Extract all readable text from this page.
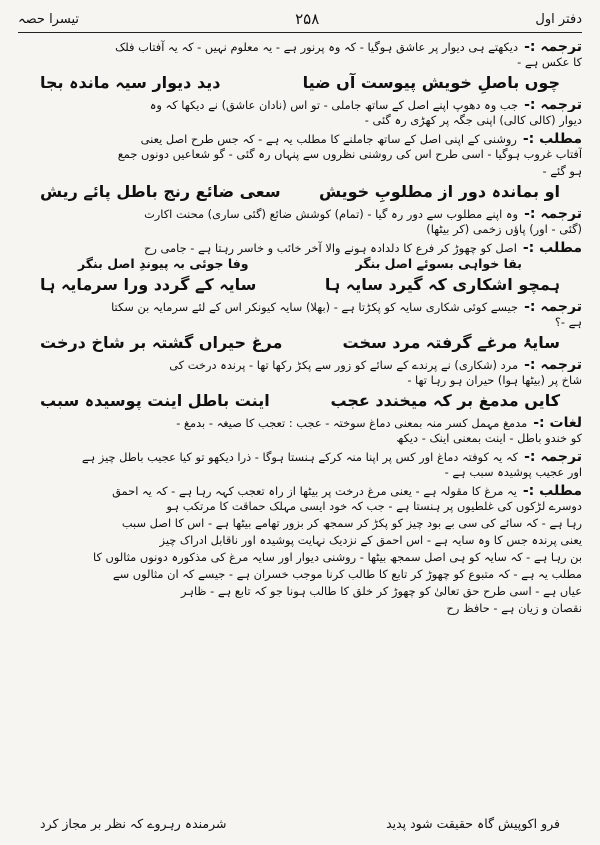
دفتر اول
۲۵۸
تیسرا حصہ
ترجمہ :-دیکھتے ہی دیوار پر عاشق ہوگیا - کہ وہ پرنور ہے - یہ معلوم نہیں - کہ یہ آفتاب فلک
کا عکس ہے -
چوں باصلِ خویش پیوست آں ضیا
دید دیوار سیہ ماندہ بجا
ترجمہ :-جب وہ دھوپ اپنے اصل کے ساتھ جاملی - تو اس (نادان عاشق) نے دیکھا کہ وہ
دیوار (کالی کالی) اپنی جگہ پر کھڑی رہ گئی -
مطلب :-روشنی کے اپنی اصل کے ساتھ جاملنے کا مطلب یہ ہے - کہ جس طرح اصل یعنی
آفتاب غروب ہوگیا - اسی طرح اس کی روشنی نظروں سے پنہاں رہ گئی - گو شعاعیں دونوں جمع
ہو گئے -
او بماندہ دور از مطلوبِ خویش
سعی ضائع رنج باطل پائے ریش
ترجمہ :-وہ اپنے مطلوب سے دور رہ گیا - (تمام) کوشش ضائع (گئی ساری) محنت اکارت
(گئی - اور) پاؤں زخمی (کر بیٹھا)
مطلب :-اصل کو چھوڑ کر فرع کا دلدادہ ہونے والا آخر خائب و خاسر رہتا ہے - جامی رح
بقا خواہی بسوئے اصل بنگر
وفا جوئی بہ پیوندِ اصل بنگر
ہمچو اشکاری کہ گیرد سایہ ہا
سایہ کے گردد ورا سرمایہ ہا
ترجمہ :-جیسے کوئی شکاری سایہ کو پکڑتا ہے - (بھلا) سایہ کیونکر اس کے لئے سرمایہ بن سکتا
ہے -؟
سایۂ مرغے گرفتہ مرد سخت
مرغ حیراں گشتہ بر شاخ درخت
ترجمہ :-مرد (شکاری) نے پرندے کے سائے کو زور سے پکڑ رکھا تھا - پرندہ درخت کی
شاخ پر (بیٹھا ہوا) حیران ہو رہا تھا -
کایں مدمغ بر کہ میخندد عجب
اینت باطل اینت پوسیدہ سبب
لغات :-مدمغ مہمل کسر منہ بمعنی دماغ سوختہ - عجب : تعجب کا صیغہ - بدمغ -
کو خندو باطل - اینت بمعنی اینک - دیکھ
ترجمہ :-کہ یہ کوفتہ دماغ اور کس پر اپنا منہ کرکے ہنستا ہوگا - ذرا دیکھو تو کیا عجیب باطل چیز ہے
اور عجیب پوشیدہ سبب ہے -
مطلب :-یہ مرغ کا مقولہ ہے - یعنی مرغ درخت پر بیٹھا از راہ تعجب کہہ رہا ہے - کہ یہ احمق
دوسرے لڑکوں کی غلطیوں پر ہنستا ہے - جب کہ خود ایسی مہلک حماقت کا مرتکب ہو
رہا ہے - کہ سائے کی سی بے بود چیز کو پکڑ کر سمجھ کر بزور تھامے بیٹھا ہے - اس کا اصل سبب
یعنی پرندہ جس کا وہ سایہ ہے - اس احمق کے نزدیک نہایت پوشیدہ اور ناقابل ادراک چیز
بن رہا ہے - کہ سایہ کو ہی اصل سمجھ بیٹھا - روشنی دیوار اور سایہ مرغ کی مذکورہ دونوں مثالوں کا
مطلب یہ ہے - کہ متبوع کو چھوڑ کر تابع کا طالب کرنا موجب خسران ہے - جیسے کہ ان مثالوں سے
عیاں ہے - اسی طرح حق تعالیٰ کو چھوڑ کر خلق کا طالب ہونا جو کہ تابع ہے - ظاہر
نقصان و زیان ہے - حافظ رح
فرو اکوپیش گاہ حقیقت شود پدید
شرمندہ رہروے کہ نظر بر مجاز کرد
